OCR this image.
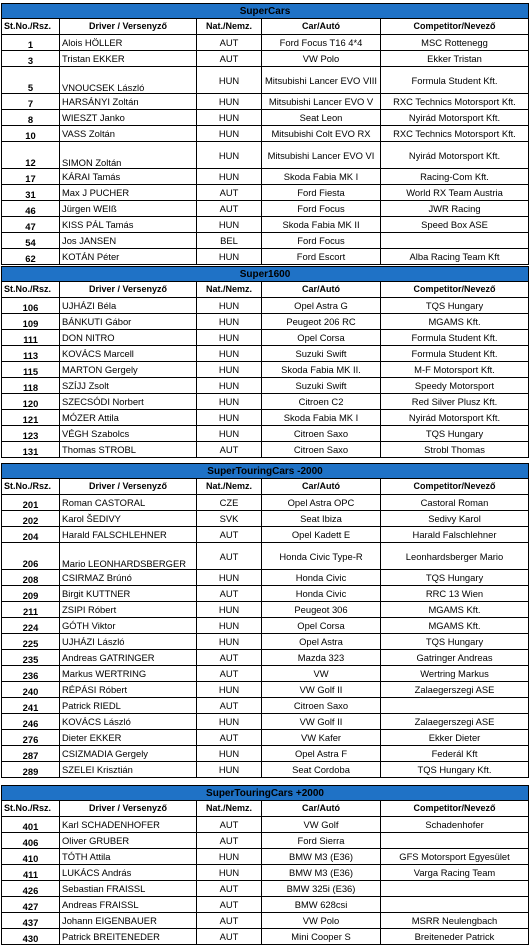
SuperCars				
St.No./Rsz.	Driver / Versenyző	Nat./Nemz.	Car/Autó	Competitor/Nevező
1	Alois HÖLLER	AUT	Ford Focus T16 4*4	MSC Rottenegg
3	Tristan EKKER	AUT	VW Polo	Ekker Tristan
5	VNOUCSEK László	HUN	Mitsubishi Lancer EVO VIII	Formula Student Kft.
7	HARSÁNYI Zoltán	HUN	Mitsubishi Lancer EVO V	RXC Technics Motorsport Kft.
8	WIESZT Janko	HUN	Seat Leon	Nyirád Motorsport Kft.
10	VASS Zoltán	HUN	Mitsubishi Colt EVO RX	RXC Technics Motorsport Kft.
12	SIMON Zoltán	HUN	Mitsubishi Lancer EVO VI	Nyirád Motorsport Kft.
17	KÁRAI Tamás	HUN	Skoda Fabia MK I	Racing-Com Kft.
31	Max J PUCHER	AUT	Ford Fiesta	World RX Team Austria
46	Jürgen WEIß	AUT	Ford Focus	JWR Racing
47	KISS PÁL Tamás	HUN	Skoda Fabia MK II	Speed Box ASE
54	Jos JANSEN	BEL	Ford Focus	
62	KOTÁN Péter	HUN	Ford Escort	Alba Racing Team Kft
Super1600				
St.No./Rsz.	Driver / Versenyző	Nat./Nemz.	Car/Autó	Competitor/Nevező
106	UJHÁZI Béla	HUN	Opel Astra G	TQS Hungary
109	BÁNKUTI Gábor	HUN	Peugeot 206 RC	MGAMS Kft.
111	DON NITRO	HUN	Opel Corsa	Formula Student Kft.
113	KOVÁCS Marcell	HUN	Suzuki Swift	Formula Student Kft.
115	MARTON Gergely	HUN	Skoda Fabia MK II.	M-F Motorsport Kft.
118	SZÍJJ Zsolt	HUN	Suzuki Swift	Speedy Motorsport
120	SZECSÓDI Norbert	HUN	Citroen C2	Red Silver Plusz Kft.
121	MÓZER Attila	HUN	Skoda Fabia MK I	Nyirád Motorsport Kft.
123	VÉGH Szabolcs	HUN	Citroen Saxo	TQS Hungary
131	Thomas STROBL	AUT	Citroen Saxo	Strobl Thomas
SuperTouringCars -2000				
St.No./Rsz.	Driver / Versenyző	Nat./Nemz.	Car/Autó	Competitor/Nevező
201	Roman CASTORAL	CZE	Opel Astra OPC	Castoral Roman
202	Karol ŠEDIVY	SVK	Seat Ibiza	Sedivy Karol
204	Harald FALSCHLEHNER	AUT	Opel Kadett E	Harald Falschlehner
206	Mario LEONHARDSBERGER	AUT	Honda Civic Type-R	Leonhardsberger Mario
208	CSIRMAZ Brúnó	HUN	Honda Civic	TQS Hungary
209	Birgit KUTTNER	AUT	Honda Civic	RRC 13 Wien
211	ZSIPI Róbert	HUN	Peugeot 306	MGAMS Kft.
224	GÓTH Viktor	HUN	Opel Corsa	MGAMS Kft.
225	UJHÁZI László	HUN	Opel Astra	TQS Hungary
235	Andreas GATRINGER	AUT	Mazda 323	Gatringer Andreas
236	Markus WERTRING	AUT	VW	Wertring Markus
240	RÉPÁSI Róbert	HUN	VW Golf II	Zalaegerszegi ASE
241	Patrick RIEDL	AUT	Citroen Saxo	
246	KOVÁCS László	HUN	VW Golf II	Zalaegerszegi ASE
276	Dieter EKKER	AUT	VW Kafer	Ekker Dieter
287	CSIZMADIA Gergely	HUN	Opel Astra F	Federál Kft
289	SZELEI Krisztián	HUN	Seat Cordoba	TQS Hungary Kft.
SuperTouringCars +2000				
St.No./Rsz.	Driver / Versenyző	Nat./Nemz.	Car/Autó	Competitor/Nevező
401	Karl SCHADENHOFER	AUT	VW Golf	Schadenhofer
406	Oliver GRUBER	AUT	Ford Sierra	
410	TÓTH Attila	HUN	BMW M3 (E36)	GFS Motorsport Egyesület
411	LUKÁCS András	HUN	BMW M3 (E36)	Varga Racing Team
426	Sebastian FRAISSL	AUT	BMW 325i (E36)	
427	Andreas FRAISSL	AUT	BMW 628csi	
437	Johann EIGENBAUER	AUT	VW Polo	MSRR Neulengbach
430	Patrick BREITENEDER	AUT	Mini Cooper S	Breiteneder Patrick
